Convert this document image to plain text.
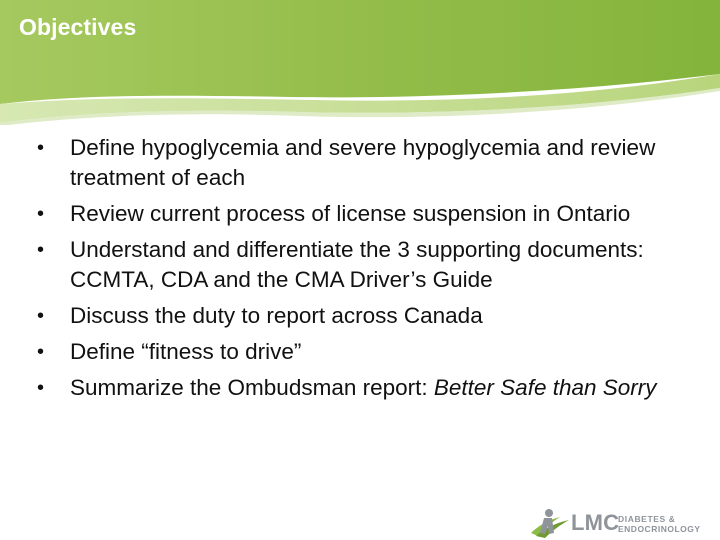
Objectives
•	Define hypoglycemia and severe hypoglycemia and review treatment of each
•	Review current process of license suspension in Ontario
•	Understand and differentiate the 3 supporting documents: CCMTA, CDA and the CMA Driver’s Guide
•	Discuss the duty to report across Canada
•	Define “fitness to drive”
•	Summarize the Ombudsman report: Better Safe than Sorry
LMC
DIABETES &
ENDOCRINOLOGY
